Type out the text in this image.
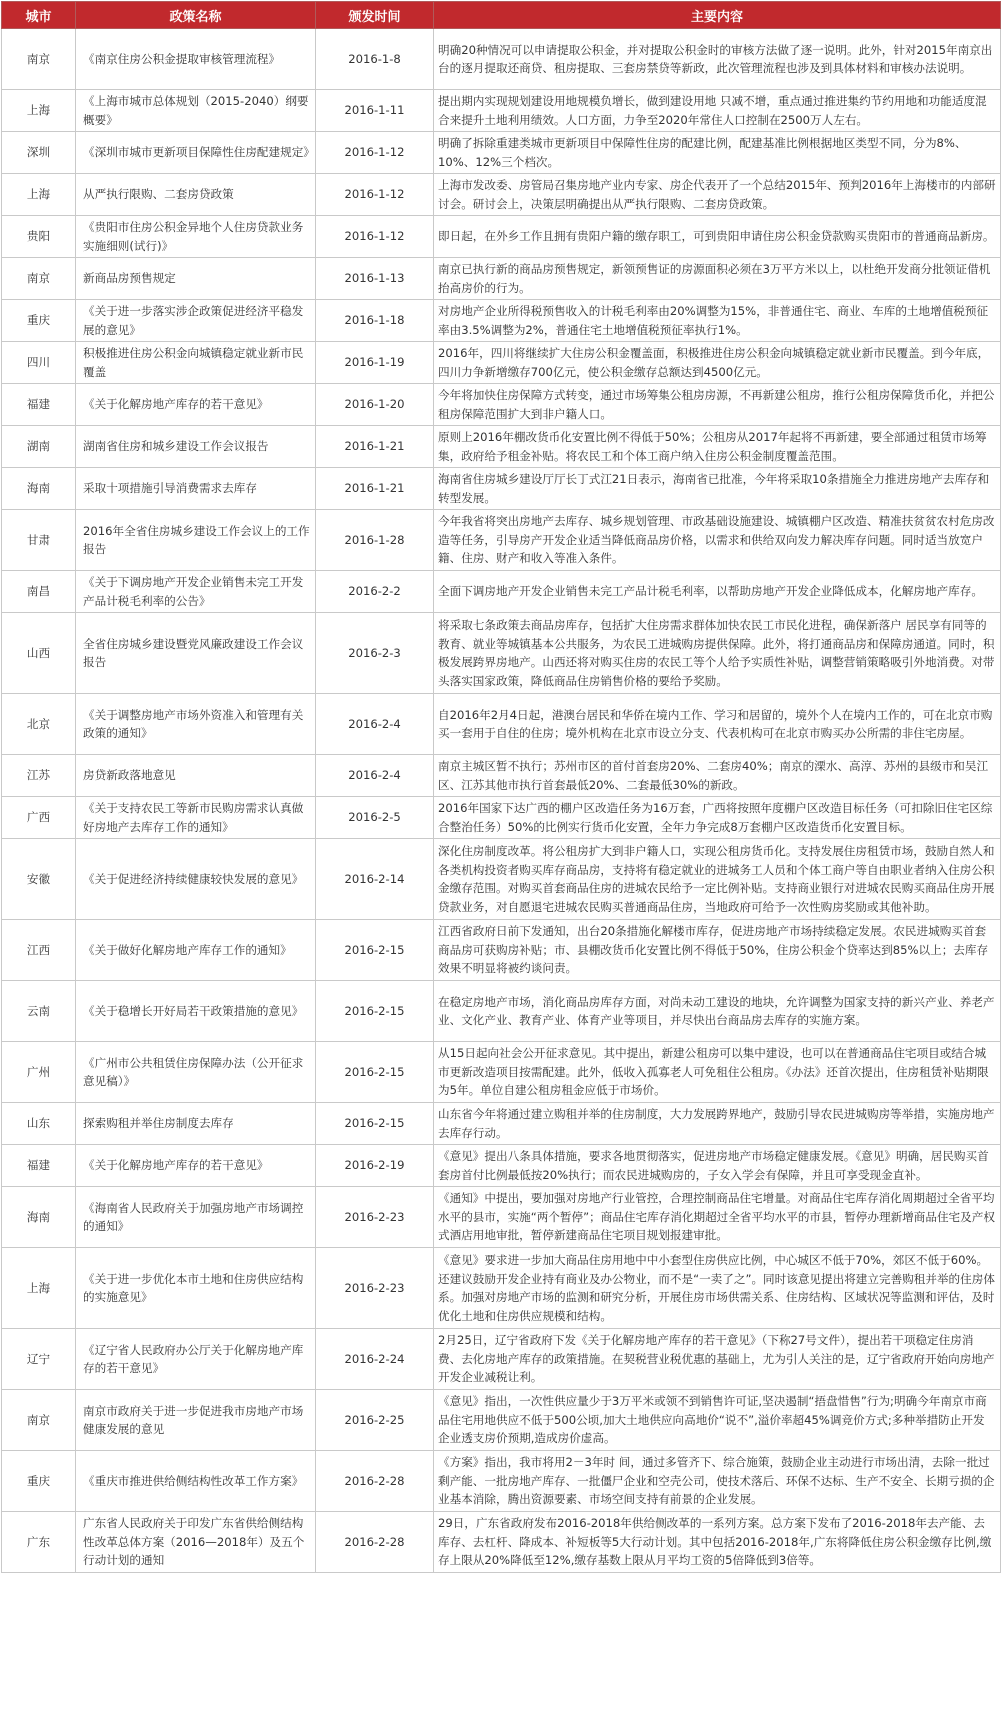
城市	政策名称	颁发时间	主要内容
南京	《南京住房公积金提取审核管理流程》	2016-1-8	明确20种情况可以申请提取公积金，并对提取公积金时的审核方法做了逐一说明。此外，针对2015年南京出台的逐月提取还商贷、租房提取、三套房禁贷等新政，此次管理流程也涉及到具体材料和审核办法说明。
上海	《上海市城市总体规划（2015-2040）纲要概要》	2016-1-11	提出期内实现规划建设用地规模负增长，做到建设用地 只减不增，重点通过推进集约节约用地和功能适度混合来提升土地利用绩效。人口方面，力争至2020年常住人口控制在2500万人左右。
深圳	《深圳市城市更新项目保障性住房配建规定》	2016-1-12	明确了拆除重建类城市更新项目中保障性住房的配建比例，配建基准比例根据地区类型不同，分为8%、10%、12%三个档次。
上海	从严执行限购、二套房贷政策	2016-1-12	上海市发改委、房管局召集房地产业内专家、房企代表开了一个总结2015年、预判2016年上海楼市的内部研讨会。研讨会上，决策层明确提出从严执行限购、二套房贷政策。
贵阳	《贵阳市住房公积金异地个人住房贷款业务实施细则(试行)》	2016-1-12	即日起，在外乡工作且拥有贵阳户籍的缴存职工，可到贵阳申请住房公积金贷款购买贵阳市的普通商品新房。
南京	新商品房预售规定	2016-1-13	南京已执行新的商品房预售规定，新领预售证的房源面积必须在3万平方米以上，以杜绝开发商分批领证借机抬高房价的行为。
重庆	《关于进一步落实涉企政策促进经济平稳发展的意见》	2016-1-18	对房地产企业所得税预售收入的计税毛利率由20%调整为15%，非普通住宅、商业、车库的土地增值税预征率由3.5%调整为2%，普通住宅土地增值税预征率执行1%。
四川	积极推进住房公积金向城镇稳定就业新市民覆盖	2016-1-19	2016年，四川将继续扩大住房公积金覆盖面，积极推进住房公积金向城镇稳定就业新市民覆盖。到今年底，四川力争新增缴存700亿元，使公积金缴存总额达到4500亿元。
福建	《关于化解房地产库存的若干意见》	2016-1-20	今年将加快住房保障方式转变，通过市场筹集公租房房源，不再新建公租房，推行公租房保障货币化，并把公租房保障范围扩大到非户籍人口。
湖南	湖南省住房和城乡建设工作会议报告	2016-1-21	原则上2016年棚改货币化安置比例不得低于50%；公租房从2017年起将不再新建，要全部通过租赁市场筹集，政府给予租金补贴。将农民工和个体工商户纳入住房公积金制度覆盖范围。
海南	采取十项措施引导消费需求去库存	2016-1-21	海南省住房城乡建设厅厅长丁式江21日表示，海南省已批准，今年将采取10条措施全力推进房地产去库存和转型发展。
甘肃	2016年全省住房城乡建设工作会议上的工作报告	2016-1-28	今年我省将突出房地产去库存、城乡规划管理、市政基础设施建设、城镇棚户区改造、精准扶贫贫农村危房改造等任务，引导房产开发企业适当降低商品房价格，以需求和供给双向发力解决库存问题。同时适当放宽户籍、住房、财产和收入等准入条件。
南昌	《关于下调房地产开发企业销售未完工开发产品计税毛利率的公告》	2016-2-2	全面下调房地产开发企业销售未完工产品计税毛利率，以帮助房地产开发企业降低成本，化解房地产库存。
山西	全省住房城乡建设暨党风廉政建设工作会议报告	2016-2-3	将采取七条政策去商品房库存，包括扩大住房需求群体加快农民工市民化进程，确保新落户 居民享有同等的教育、就业等城镇基本公共服务，为农民工进城购房提供保障。此外，将打通商品房和保障房通道。同时，积极发展跨界房地产。山西还将对购买住房的农民工等个人给予实质性补贴，调整营销策略吸引外地消费。对带头落实国家政策，降低商品住房销售价格的要给予奖励。
北京	《关于调整房地产市场外资准入和管理有关政策的通知》	2016-2-4	自2016年2月4日起，港澳台居民和华侨在境内工作、学习和居留的，境外个人在境内工作的，可在北京市购买一套用于自住的住房；境外机构在北京市设立分支、代表机构可在北京市购买办公所需的非住宅房屋。
江苏	房贷新政落地意见	2016-2-4	南京主城区暂不执行；苏州市区的首付首套房20%、二套房40%；南京的溧水、高淳、苏州的县级市和吴江区、江苏其他市执行首套最低20%、二套最低30%的新政。
广西	《关于支持农民工等新市民购房需求认真做好房地产去库存工作的通知》	2016-2-5	2016年国家下达广西的棚户区改造任务为16万套，广西将按照年度棚户区改造目标任务（可扣除旧住宅区综合整治任务）50%的比例实行货币化安置，全年力争完成8万套棚户区改造货币化安置目标。
安徽	《关于促进经济持续健康较快发展的意见》	2016-2-14	深化住房制度改革。将公租房扩大到非户籍人口，实现公租房货币化。支持发展住房租赁市场，鼓励自然人和各类机构投资者购买库存商品房，支持将有稳定就业的进城务工人员和个体工商户等自由职业者纳入住房公积金缴存范围。对购买首套商品住房的进城农民给予一定比例补贴。支持商业银行对进城农民购买商品住房开展贷款业务，对自愿退宅进城农民购买普通商品住房，当地政府可给予一次性购房奖励或其他补助。
江西	《关于做好化解房地产库存工作的通知》	2016-2-15	江西省政府日前下发通知，出台20条措施化解楼市库存，促进房地产市场持续稳定发展。农民进城购买首套商品房可获购房补贴；市、县棚改货币化安置比例不得低于50%，住房公积金个贷率达到85%以上；去库存效果不明显将被约谈问责。
云南	《关于稳增长开好局若干政策措施的意见》	2016-2-15	在稳定房地产市场，消化商品房库存方面，对尚未动工建设的地块，允许调整为国家支持的新兴产业、养老产业、文化产业、教育产业、体育产业等项目，并尽快出台商品房去库存的实施方案。
广州	《广州市公共租赁住房保障办法（公开征求意见稿）》	2016-2-15	从15日起向社会公开征求意见。其中提出，新建公租房可以集中建设，也可以在普通商品住宅项目或结合城市更新改造项目按需配建。此外，低收入孤寡老人可免租住公租房。《办法》还首次提出，住房租赁补贴期限为5年。单位自建公租房租金应低于市场价。
山东	探索购租并举住房制度去库存	2016-2-15	山东省今年将通过建立购租并举的住房制度，大力发展跨界地产，鼓励引导农民进城购房等举措，实施房地产去库存行动。
福建	《关于化解房地产库存的若干意见》	2016-2-19	《意见》提出八条具体措施，要求各地贯彻落实，促进房地产市场稳定健康发展。《意见》明确，居民购买首套房首付比例最低按20%执行；而农民进城购房的，子女入学会有保障，并且可享受现金直补。
海南	《海南省人民政府关于加强房地产市场调控的通知》	2016-2-23	《通知》中提出，要加强对房地产行业管控，合理控制商品住宅增量。对商品住宅库存消化周期超过全省平均水平的县市，实施“两个暂停”；商品住宅库存消化期超过全省平均水平的市县，暂停办理新增商品住宅及产权式酒店用地审批，暂停新建商品住宅项目规划报建审批。
上海	《关于进一步优化本市土地和住房供应结构的实施意见》	2016-2-23	《意见》要求进一步加大商品住房用地中中小套型住房供应比例，中心城区不低于70%，郊区不低于60%。还建议鼓励开发企业持有商业及办公物业，而不是“一卖了之”。同时该意见提出将建立完善购租并举的住房体系。加强对房地产市场的监测和研究分析，开展住房市场供需关系、住房结构、区域状况等监测和评估，及时优化土地和住房供应规模和结构。
辽宁	《辽宁省人民政府办公厅关于化解房地产库存的若干意见》	2016-2-24	2月25日，辽宁省政府下发《关于化解房地产库存的若干意见》（下称27号文件），提出若干项稳定住房消费、去化房地产库存的政策措施。在契税营业税优惠的基础上，尤为引人关注的是，辽宁省政府开始向房地产开发企业减税让利。
南京	南京市政府关于进一步促进我市房地产市场健康发展的意见	2016-2-25	《意见》指出，一次性供应量少于3万平米或领不到销售许可证,坚决遏制“捂盘惜售”行为;明确今年南京市商品住宅用地供应不低于500公顷,加大土地供应向高地价“说不”,溢价率超45%调竞价方式;多种举措防止开发企业透支房价预期,造成房价虚高。
重庆	《重庆市推进供给侧结构性改革工作方案》	2016-2-28	《方案》指出，我市将用2－3年时 间，通过多管齐下、综合施策，鼓励企业主动进行市场出清，去除一批过剩产能、一批房地产库存、一批僵尸企业和空壳公司，使技术落后、环保不达标、生产不安全、长期亏损的企业基本消除，腾出资源要素、市场空间支持有前景的企业发展。
广东	广东省人民政府关于印发广东省供给侧结构性改革总体方案（2016—2018年）及五个行动计划的通知	2016-2-28	29日，广东省政府发布2016-2018年供给侧改革的一系列方案。总方案下发布了2016-2018年去产能、去库存、去杠杆、降成本、补短板等5大行动计划。其中包括2016-2018年,广东将降低住房公积金缴存比例,缴存上限从20%降低至12%,缴存基数上限从月平均工资的5倍降低到3倍等。
